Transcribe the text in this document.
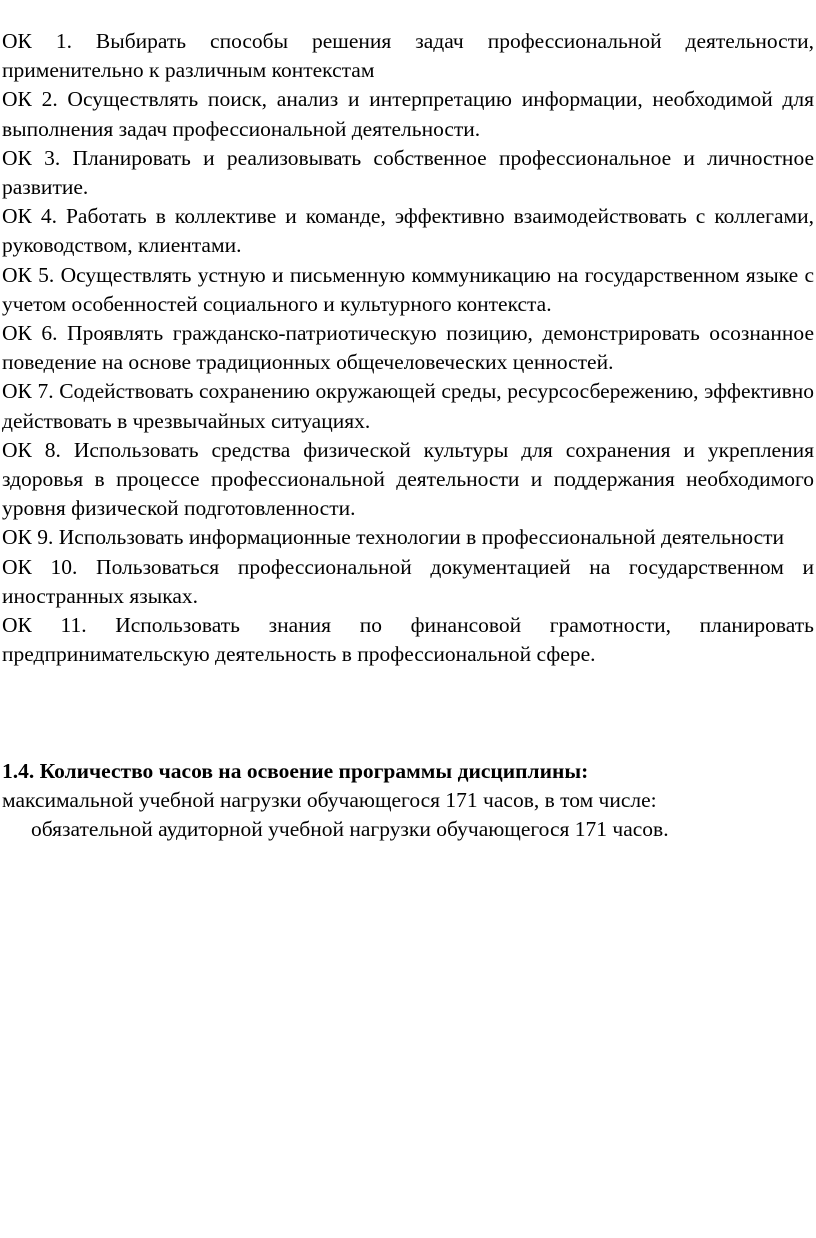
ОК 1. Выбирать способы решения задач профессиональной деятельности, применительно к различным контекстам

ОК 2. Осуществлять поиск, анализ и интерпретацию информации, необходимой для выполнения задач профессиональной деятельности.

ОК 3. Планировать и реализовывать собственное профессиональное и личностное развитие.

ОК 4. Работать в коллективе и команде, эффективно взаимодействовать с коллегами, руководством, клиентами.

ОК 5. Осуществлять устную и письменную коммуникацию на государственном языке с учетом особенностей социального и культурного контекста.

ОК 6. Проявлять гражданско-патриотическую позицию, демонстрировать осознанное поведение на основе традиционных общечеловеческих ценностей.

ОК 7. Содействовать сохранению окружающей среды, ресурсосбережению, эффективно действовать в чрезвычайных ситуациях.

ОК 8. Использовать средства физической культуры для сохранения и укрепления здоровья в процессе профессиональной деятельности и поддержания необходимого уровня физической подготовленности.

ОК 9. Использовать информационные технологии в профессиональной деятельности

ОК 10. Пользоваться профессиональной документацией на государственном и иностранных языках.

ОК 11. Использовать знания по финансовой грамотности, планировать предпринимательскую деятельность в профессиональной сфере.

1.4. Количество часов на освоение программы дисциплины:

максимальной учебной нагрузки обучающегося 171 часов, в том числе:

обязательной аудиторной учебной нагрузки обучающегося 171 часов.
